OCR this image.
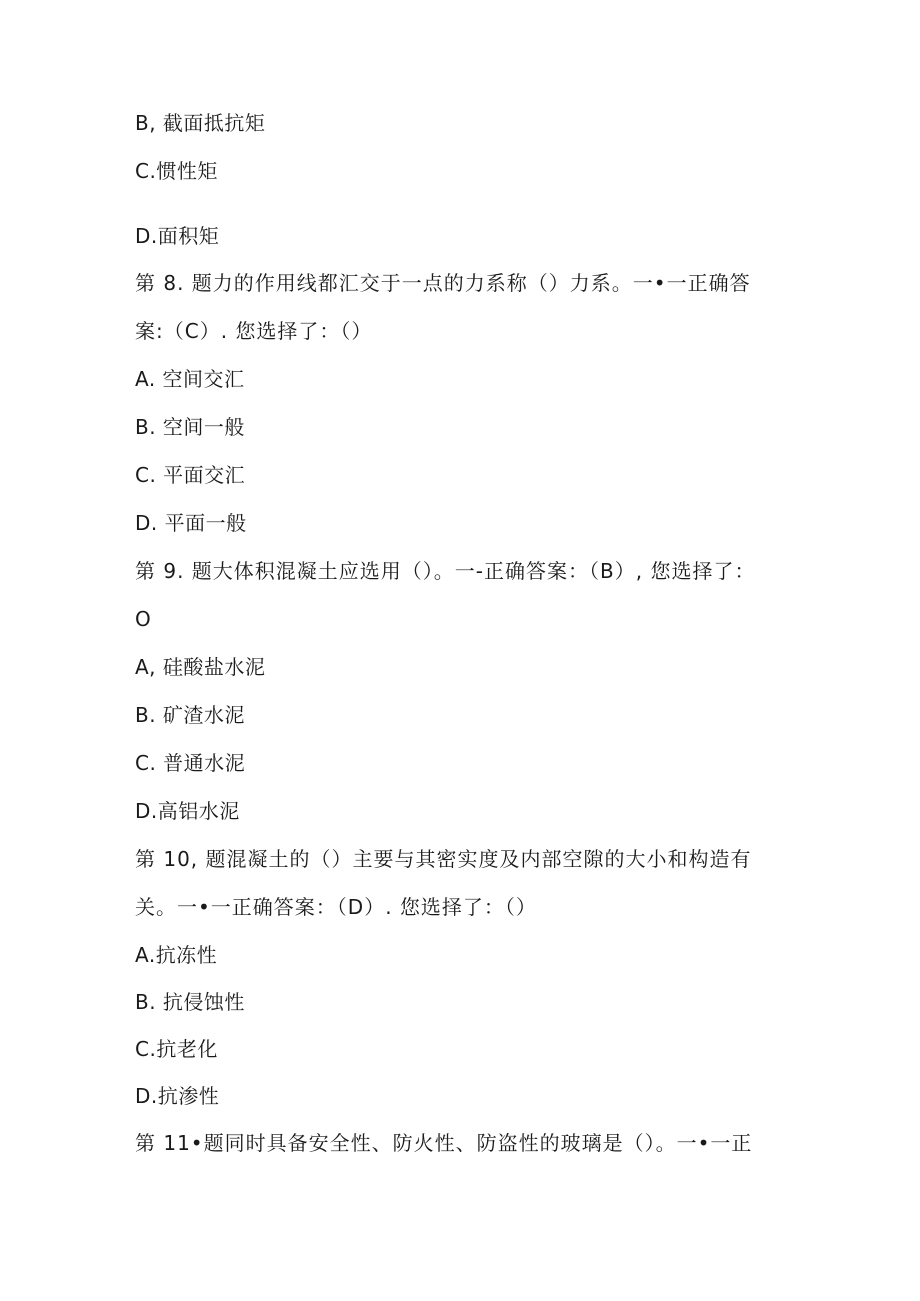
B, 截面抵抗矩
C.惯性矩
D.面积矩
第 8. 题力的作用线都汇交于一点的力系称（）力系。一•一正确答
案:（C）. 您选择了：（）
A. 空间交汇
B. 空间一般
C. 平面交汇
D. 平面一般
第 9. 题大体积混凝土应选用（）。一-正确答案：（B）, 您选择了：
O
A, 硅酸盐水泥
B. 矿渣水泥
C. 普通水泥
D.高铝水泥
第 10, 题混凝土的（）主要与其密实度及内部空隙的大小和构造有
关。一•一正确答案：（D）. 您选择了：（）
A.抗冻性
B. 抗侵蚀性
C.抗老化
D.抗渗性
第 11•题同时具备安全性、防火性、防盗性的玻璃是（）。一•一正
